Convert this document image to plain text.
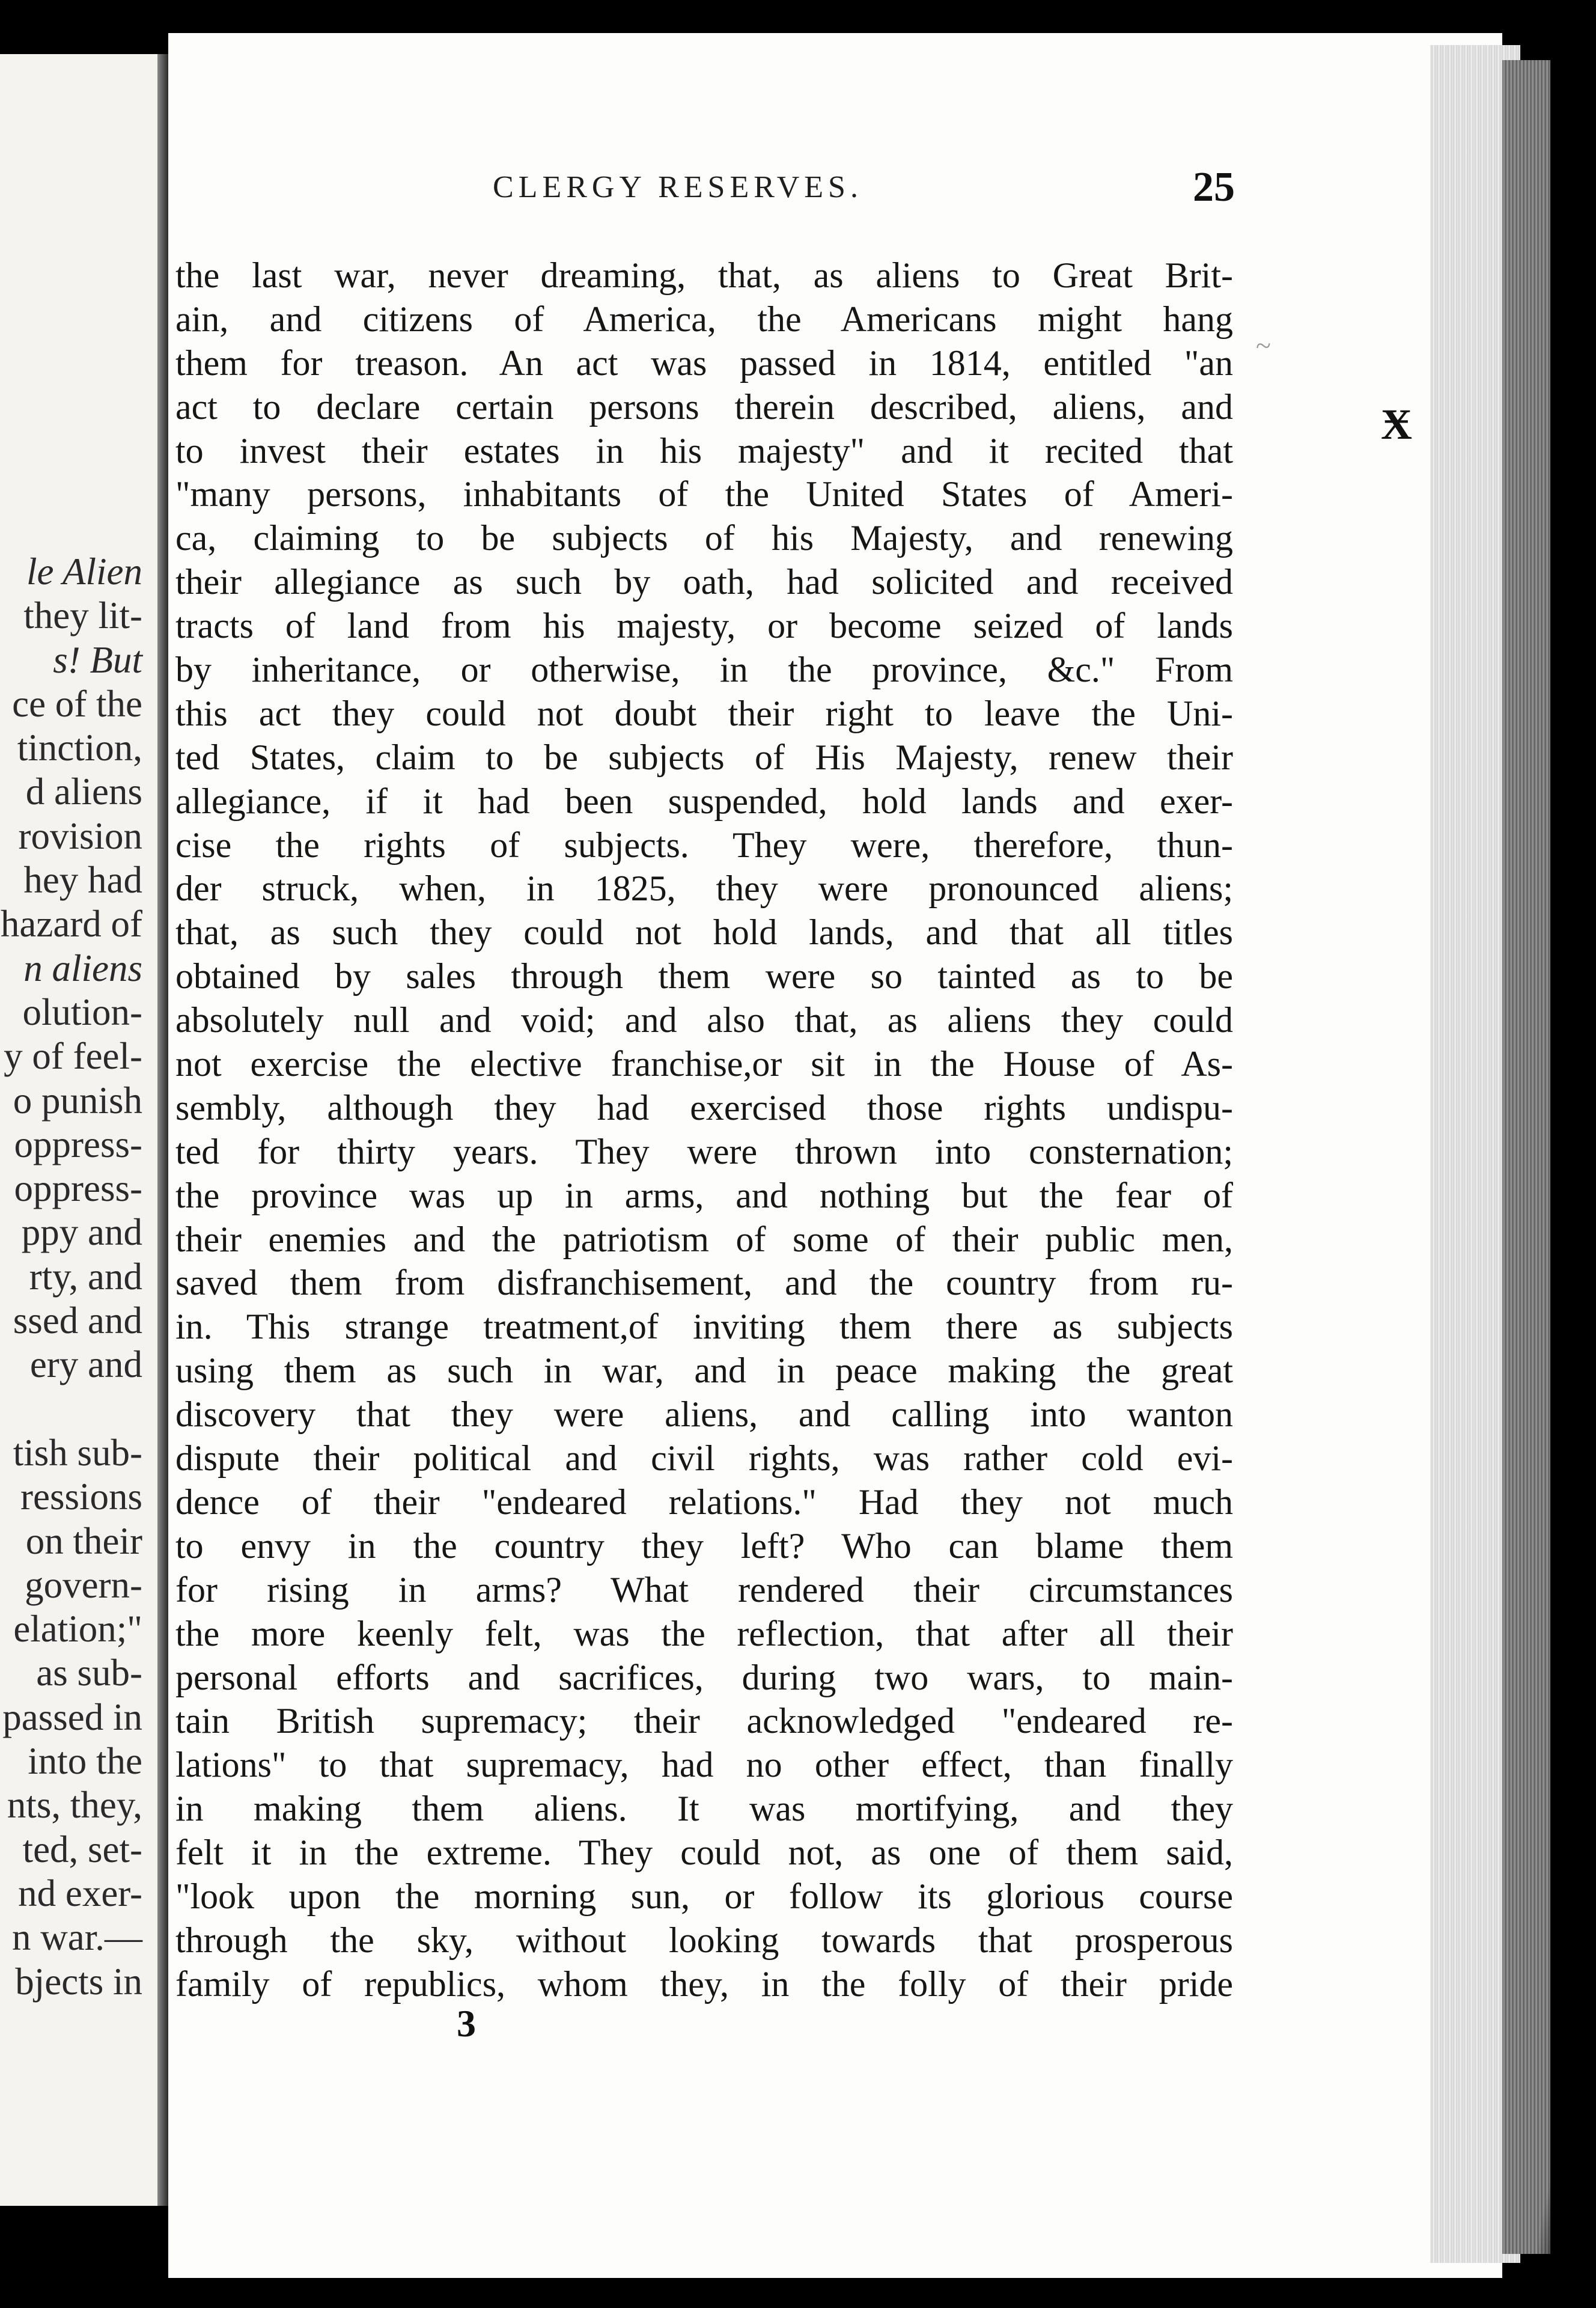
le Alien
they lit-
s! But
ce of the
tinction,
d aliens
rovision
hey had
hazard of
n aliens
olution-
y of feel-
o punish
oppress-
oppress-
ppy and
rty, and
ssed and
ery and
tish sub-
ressions
on their
govern-
elation;"
as sub-
passed in
into the
nts, they,
ted, set-
nd exer-
n war.—
bjects in
CLERGY RESERVES.	25
~
Ӿ
the last war, never dreaming, that, as aliens to Great Brit-
ain, and citizens of America, the Americans might hang
them for treason. An act was passed in 1814, entitled "an
act to declare certain persons therein described, aliens, and
to invest their estates in his majesty" and it recited that
"many persons, inhabitants of the United States of Ameri-
ca, claiming to be subjects of his Majesty, and renewing
their allegiance as such by oath, had solicited and received
tracts of land from his majesty, or become seized of lands
by inheritance, or otherwise, in the province, &c." From
this act they could not doubt their right to leave the Uni-
ted States, claim to be subjects of His Majesty, renew their
allegiance, if it had been suspended, hold lands and exer-
cise the rights of subjects. They were, therefore, thun-
der struck, when, in 1825, they were pronounced aliens;
that, as such they could not hold lands, and that all titles
obtained by sales through them were so tainted as to be
absolutely null and void; and also that, as aliens they could
not exercise the elective franchise,or sit in the House of As-
sembly, although they had exercised those rights undispu-
ted for thirty years. They were thrown into consternation;
the province was up in arms, and nothing but the fear of
their enemies and the patriotism of some of their public men,
saved them from disfranchisement, and the country from ru-
in. This strange treatment,of inviting them there as subjects
using them as such in war, and in peace making the great
discovery that they were aliens, and calling into wanton
dispute their political and civil rights, was rather cold evi-
dence of their "endeared relations." Had they not much
to envy in the country they left? Who can blame them
for rising in arms? What rendered their circumstances
the more keenly felt, was the reflection, that after all their
personal efforts and sacrifices, during two wars, to main-
tain British supremacy; their acknowledged "endeared re-
lations" to that supremacy, had no other effect, than finally
in making them aliens. It was mortifying, and they
felt it in the extreme. They could not, as one of them said,
"look upon the morning sun, or follow its glorious course
through the sky, without looking towards that prosperous
family of republics, whom they, in the folly of their pride
3
